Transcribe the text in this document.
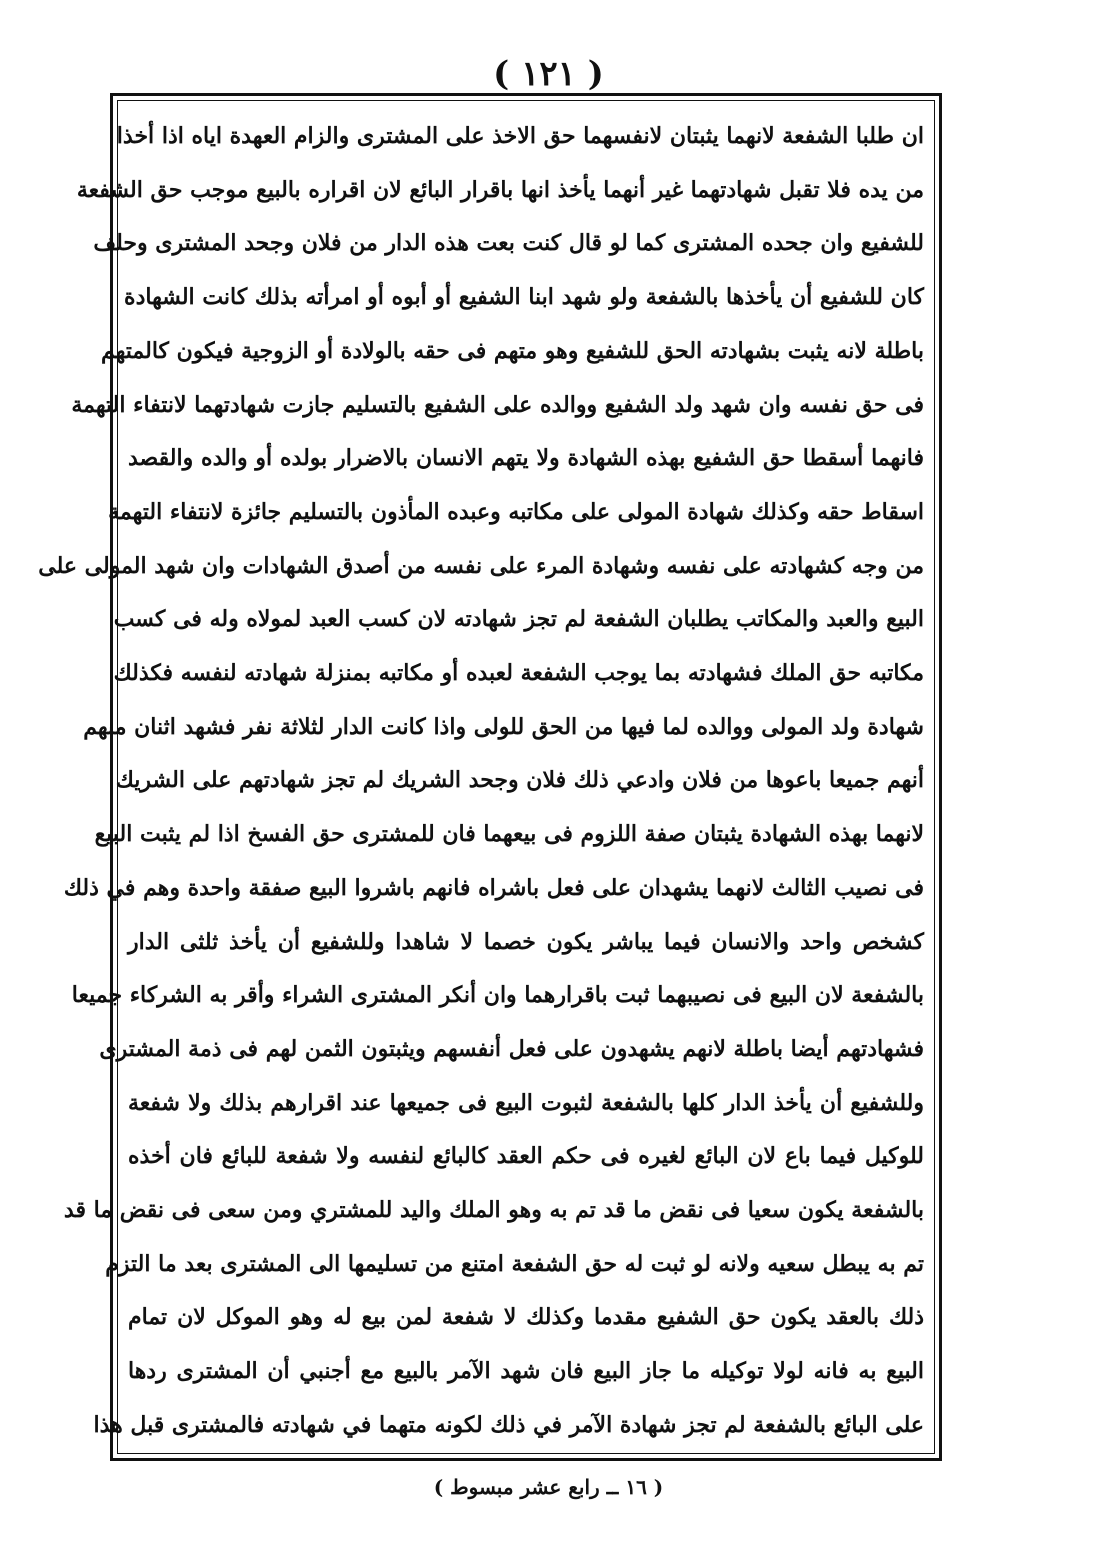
( ١٢١ )
ان طلبا الشفعة لانهما يثبتان لانفسهما حق الاخذ على المشترى والزام العهدة اياه اذا أخذا
من يده فلا تقبل شهادتهما غير أنهما يأخذ انها باقرار البائع لان اقراره بالبيع موجب حق الشفعة
للشفيع وان جحده المشترى كما لو قال كنت بعت هذه الدار من فلان وجحد المشترى وحلف
كان للشفيع أن يأخذها بالشفعة ولو شهد ابنا الشفيع أو أبوه أو امرأته بذلك كانت الشهادة
باطلة لانه يثبت بشهادته الحق للشفيع وهو متهم فى حقه بالولادة أو الزوجية فيكون كالمتهم
فى حق نفسه وان شهد ولد الشفيع ووالده على الشفيع بالتسليم جازت شهادتهما لانتفاء التهمة
فانهما أسقطا حق الشفيع بهذه الشهادة ولا يتهم الانسان بالاضرار بولده أو والده والقصد
اسقاط حقه وكذلك شهادة المولى على مكاتبه وعبده المأذون بالتسليم جائزة لانتفاء التهمة
من وجه كشهادته على نفسه وشهادة المرء على نفسه من أصدق الشهادات وان شهد المولى على
البيع والعبد والمكاتب يطلبان الشفعة لم تجز شهادته لان كسب العبد لمولاه وله فى كسب
مكاتبه حق الملك فشهادته بما يوجب الشفعة لعبده أو مكاتبه بمنزلة شهادته لنفسه فكذلك
شهادة ولد المولى ووالده لما فيها من الحق للولى واذا كانت الدار لثلاثة نفر فشهد اثنان منهم
أنهم جميعا باعوها من فلان وادعي ذلك فلان وجحد الشريك لم تجز شهادتهم على الشريك
لانهما بهذه الشهادة يثبتان صفة اللزوم فى بيعهما فان للمشترى حق الفسخ اذا لم يثبت البيع
فى نصيب الثالث لانهما يشهدان على فعل باشراه فانهم باشروا البيع صفقة واحدة وهم في ذلك
كشخص واحد والانسان فيما يباشر يكون خصما لا شاهدا وللشفيع أن يأخذ ثلثى الدار
بالشفعة لان البيع فى نصيبهما ثبت باقرارهما وان أنكر المشترى الشراء وأقر به الشركاء جميعا
فشهادتهم أيضا باطلة لانهم يشهدون على فعل أنفسهم ويثبتون الثمن لهم فى ذمة المشترى
وللشفيع أن يأخذ الدار كلها بالشفعة لثبوت البيع فى جميعها عند اقرارهم بذلك ولا شفعة
للوكيل فيما باع لان البائع لغيره فى حكم العقد كالبائع لنفسه ولا شفعة للبائع فان أخذه
بالشفعة يكون سعيا فى نقض ما قد تم به وهو الملك واليد للمشتري ومن سعى فى نقض ما قد
تم به يبطل سعيه ولانه لو ثبت له حق الشفعة امتنع من تسليمها الى المشترى بعد ما التزم
ذلك بالعقد يكون حق الشفيع مقدما وكذلك لا شفعة لمن بيع له وهو الموكل لان تمام
البيع به فانه لولا توكيله ما جاز البيع فان شهد الآمر بالبيع مع أجنبي أن المشترى ردها
على البائع بالشفعة لم تجز شهادة الآمر في ذلك لكونه متهما في شهادته فالمشترى قبل هذا
( ١٦ ــ رابع عشر مبسوط )
